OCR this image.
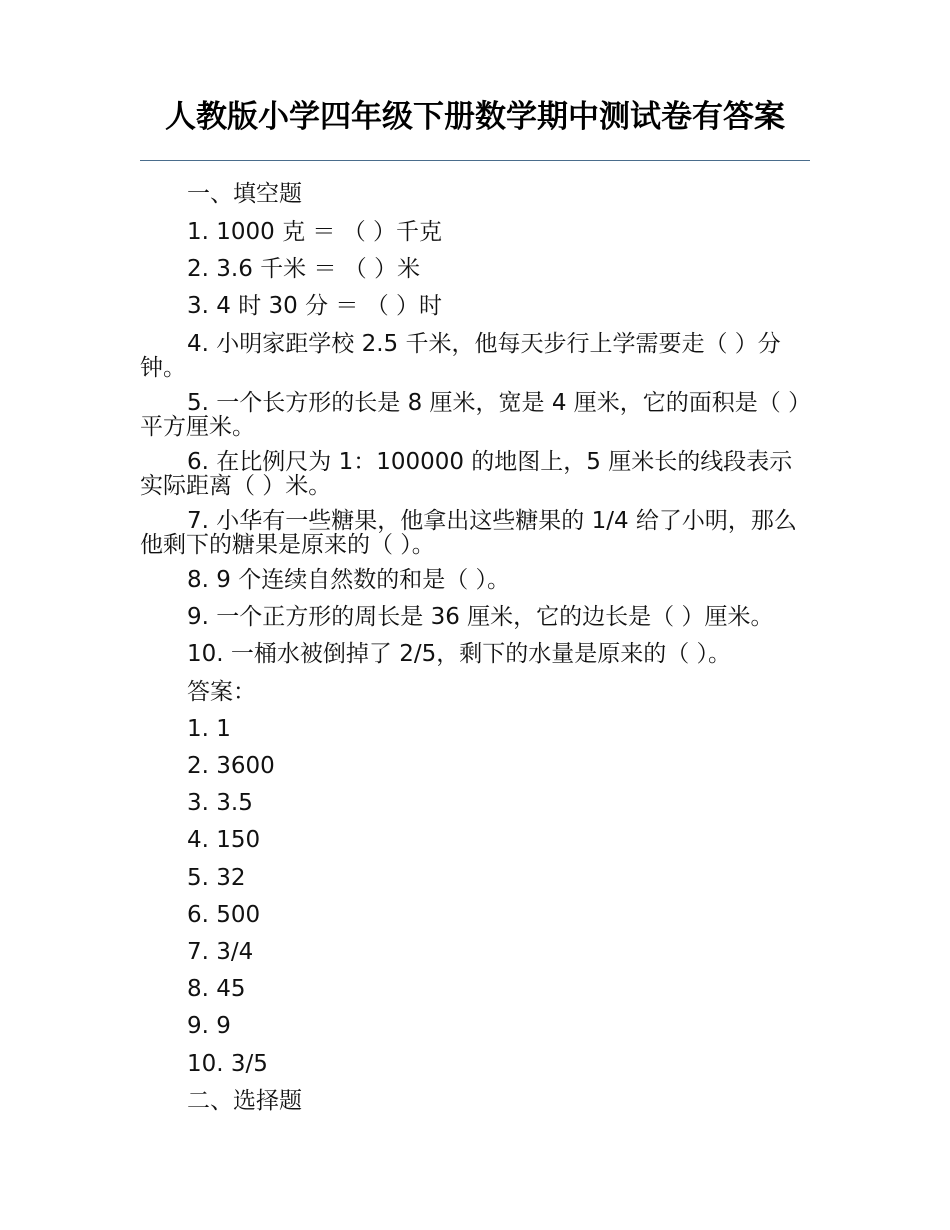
人教版小学四年级下册数学期中测试卷有答案
一、填空题
1. 1000 克 ＝ （ ）千克
2. 3.6 千米 ＝ （ ）米
3. 4 时 30 分 ＝ （ ）时
4. 小明家距学校 2.5 千米，他每天步行上学需要走（ ）分钟。
5. 一个长方形的长是 8 厘米，宽是 4 厘米，它的面积是（ ）平方厘米。
6. 在比例尺为 1：100000 的地图上，5 厘米长的线段表示实际距离（ ）米。
7. 小华有一些糖果，他拿出这些糖果的 1/4 给了小明，那么他剩下的糖果是原来的（ ）。
8. 9 个连续自然数的和是（ ）。
9. 一个正方形的周长是 36 厘米，它的边长是（ ）厘米。
10. 一桶水被倒掉了 2/5，剩下的水量是原来的（ ）。
答案：
1. 1
2. 3600
3. 3.5
4. 150
5. 32
6. 500
7. 3/4
8. 45
9. 9
10. 3/5
二、选择题
